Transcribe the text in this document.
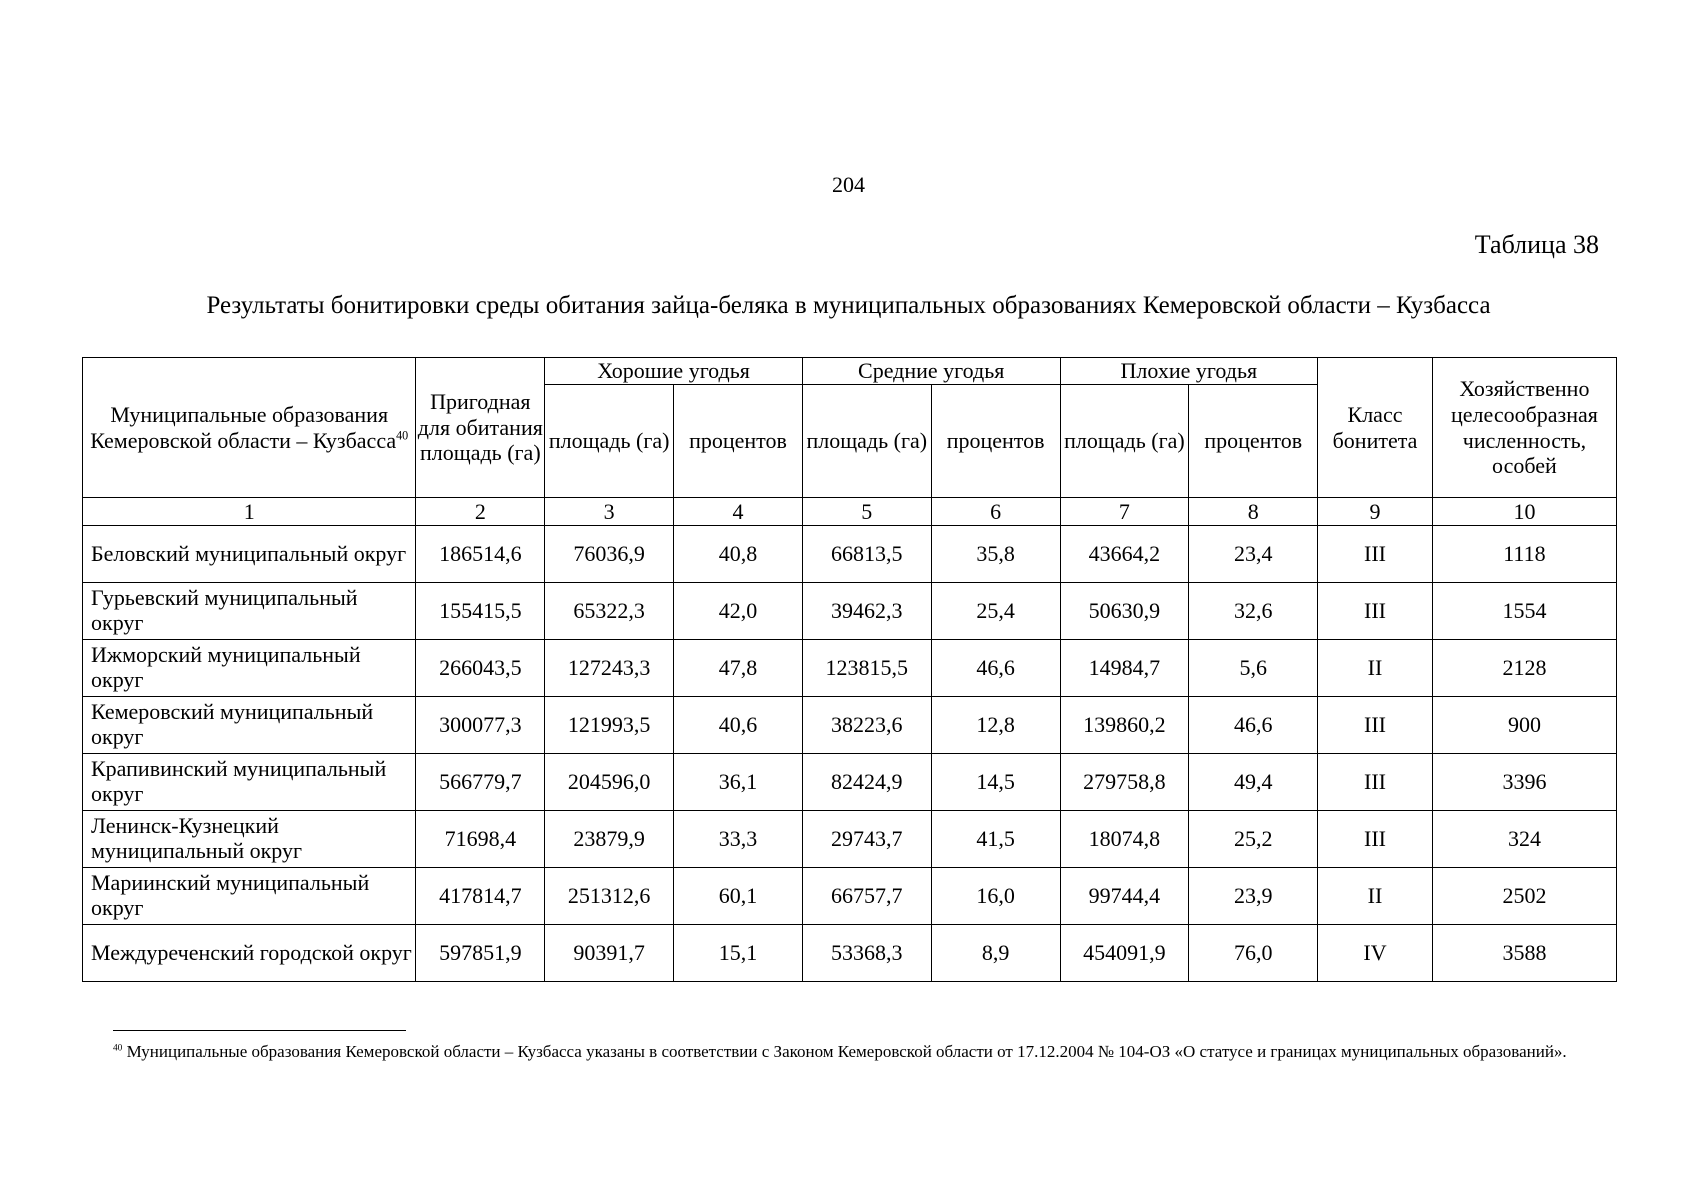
204
Таблица 38
Результаты бонитировки среды обитания зайца-беляка в муниципальных образованиях Кемеровской области – Кузбасса
Муниципальные образования Кемеровской области – Кузбасса$^{40}$	Пригодная для обитания площадь (га)	Хорошие угодья		Средние угодья		Плохие угодья		Класс бонитета	Хозяйственно целесообразная численность, особей
		площадь (га)	процентов	площадь (га)	процентов	площадь (га)	процентов		
1	2	3	4	5	6	7	8	9	10
Беловский муниципальный округ	186514,6	76036,9	40,8	66813,5	35,8	43664,2	23,4	III	1118
Гурьевский муниципальный округ	155415,5	65322,3	42,0	39462,3	25,4	50630,9	32,6	III	1554
Ижморский муниципальный округ	266043,5	127243,3	47,8	123815,5	46,6	14984,7	5,6	II	2128
Кемеровский муниципальный округ	300077,3	121993,5	40,6	38223,6	12,8	139860,2	46,6	III	900
Крапивинский муниципальный округ	566779,7	204596,0	36,1	82424,9	14,5	279758,8	49,4	III	3396
Ленинск-Кузнецкий муниципальный округ	71698,4	23879,9	33,3	29743,7	41,5	18074,8	25,2	III	324
Мариинский муниципальный округ	417814,7	251312,6	60,1	66757,7	16,0	99744,4	23,9	II	2502
Междуреченский городской округ	597851,9	90391,7	15,1	53368,3	8,9	454091,9	76,0	IV	3588
$^{40}$ Муниципальные образования Кемеровской области – Кузбасса указаны в соответствии с Законом Кемеровской области от 17.12.2004 № 104-ОЗ «О статусе и границах муниципальных образований».
